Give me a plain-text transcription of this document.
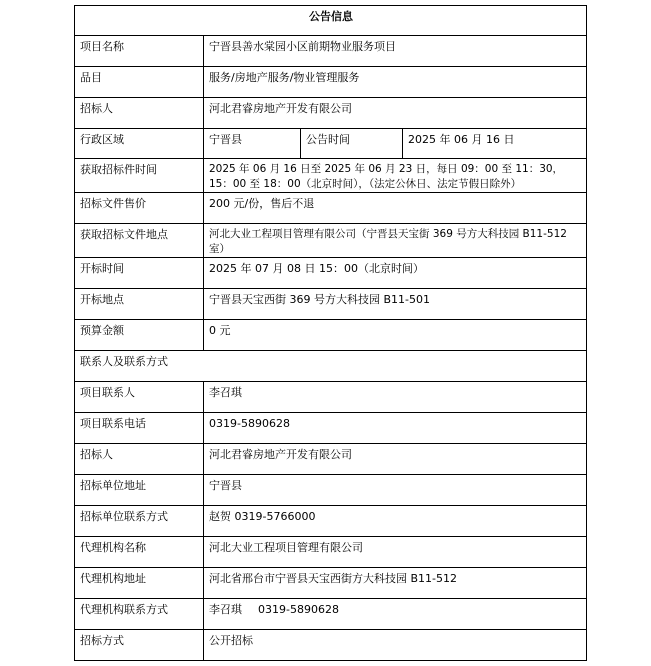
公告信息			
项目名称	宁晋县善水棠园小区前期物业服务项目		
品目	服务/房地产服务/物业管理服务		
招标人	河北君睿房地产开发有限公司		
行政区域	宁晋县	公告时间	2025 年 06 月 16 日
获取招标件时间	2025 年 06 月 16 日至 2025 年 06 月 23 日，每日 09：00 至 11：30，15：00 至 18：00（北京时间），（法定公休日、法定节假日除外）		
招标文件售价	200 元/份，售后不退		
获取招标文件地点	河北大业工程项目管理有限公司（宁晋县天宝街 369 号方大科技园 B11-512 室）		
开标时间	2025 年 07 月 08 日 15：00（北京时间）		
开标地点	宁晋县天宝西街 369 号方大科技园 B11-501		
预算金额	0 元		
联系人及联系方式			
项目联系人	李召琪		
项目联系电话	0319-5890628		
招标人	河北君睿房地产开发有限公司		
招标单位地址	宁晋县		
招标单位联系方式	赵贺 0319-5766000		
代理机构名称	河北大业工程项目管理有限公司		
代理机构地址	河北省邢台市宁晋县天宝西街方大科技园 B11-512		
代理机构联系方式	李召琪 0319-5890628		
招标方式	公开招标		
